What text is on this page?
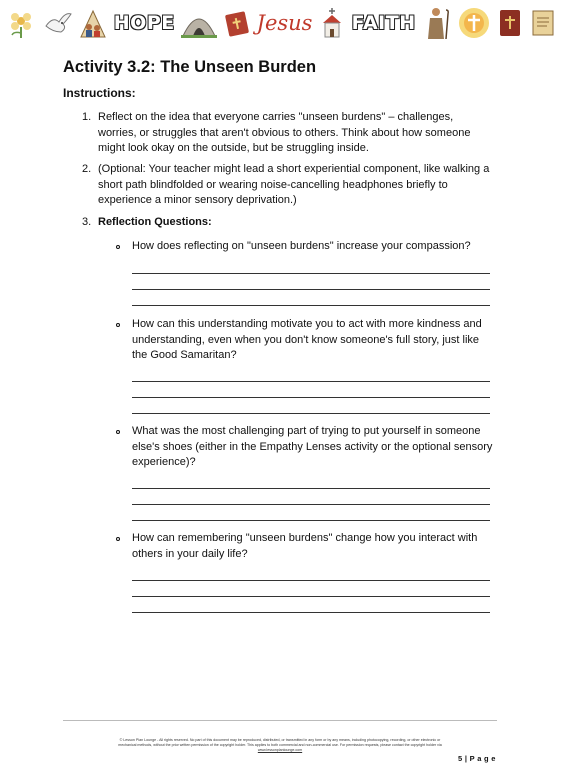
HOPE	Jesus FAITH
Activity 3.2: The Unseen Burden
Instructions:
1. Reflect on the idea that everyone carries "unseen burdens" – challenges, worries, or struggles that aren't obvious to others. Think about how someone might look okay on the outside, but be struggling inside.
2. (Optional: Your teacher might lead a short experiential component, like walking a short path blindfolded or wearing noise-cancelling headphones briefly to experience a minor sensory deprivation.)
3. Reflection Questions:
How does reflecting on "unseen burdens" increase your compassion?
How can this understanding motivate you to act with more kindness and understanding, even when you don't know someone's full story, just like the Good Samaritan?
What was the most challenging part of trying to put yourself in someone else's shoes (either in the Empathy Lenses activity or the optional sensory experience)?
How can remembering "unseen burdens" change how you interact with others in your daily life?
© Lesson Plan Lounge - All rights reserved. No part of this document may be reproduced, distributed, or transmitted in any form or by any means, including photocopying, recording, or other electronic or
mechanical methods, without the prior written permission of the copyright holder. This applies to both commercial and non-commercial use. For permission requests, please contact the copyright holder via
www.lessonplanlounge.com
5 | P a g e
